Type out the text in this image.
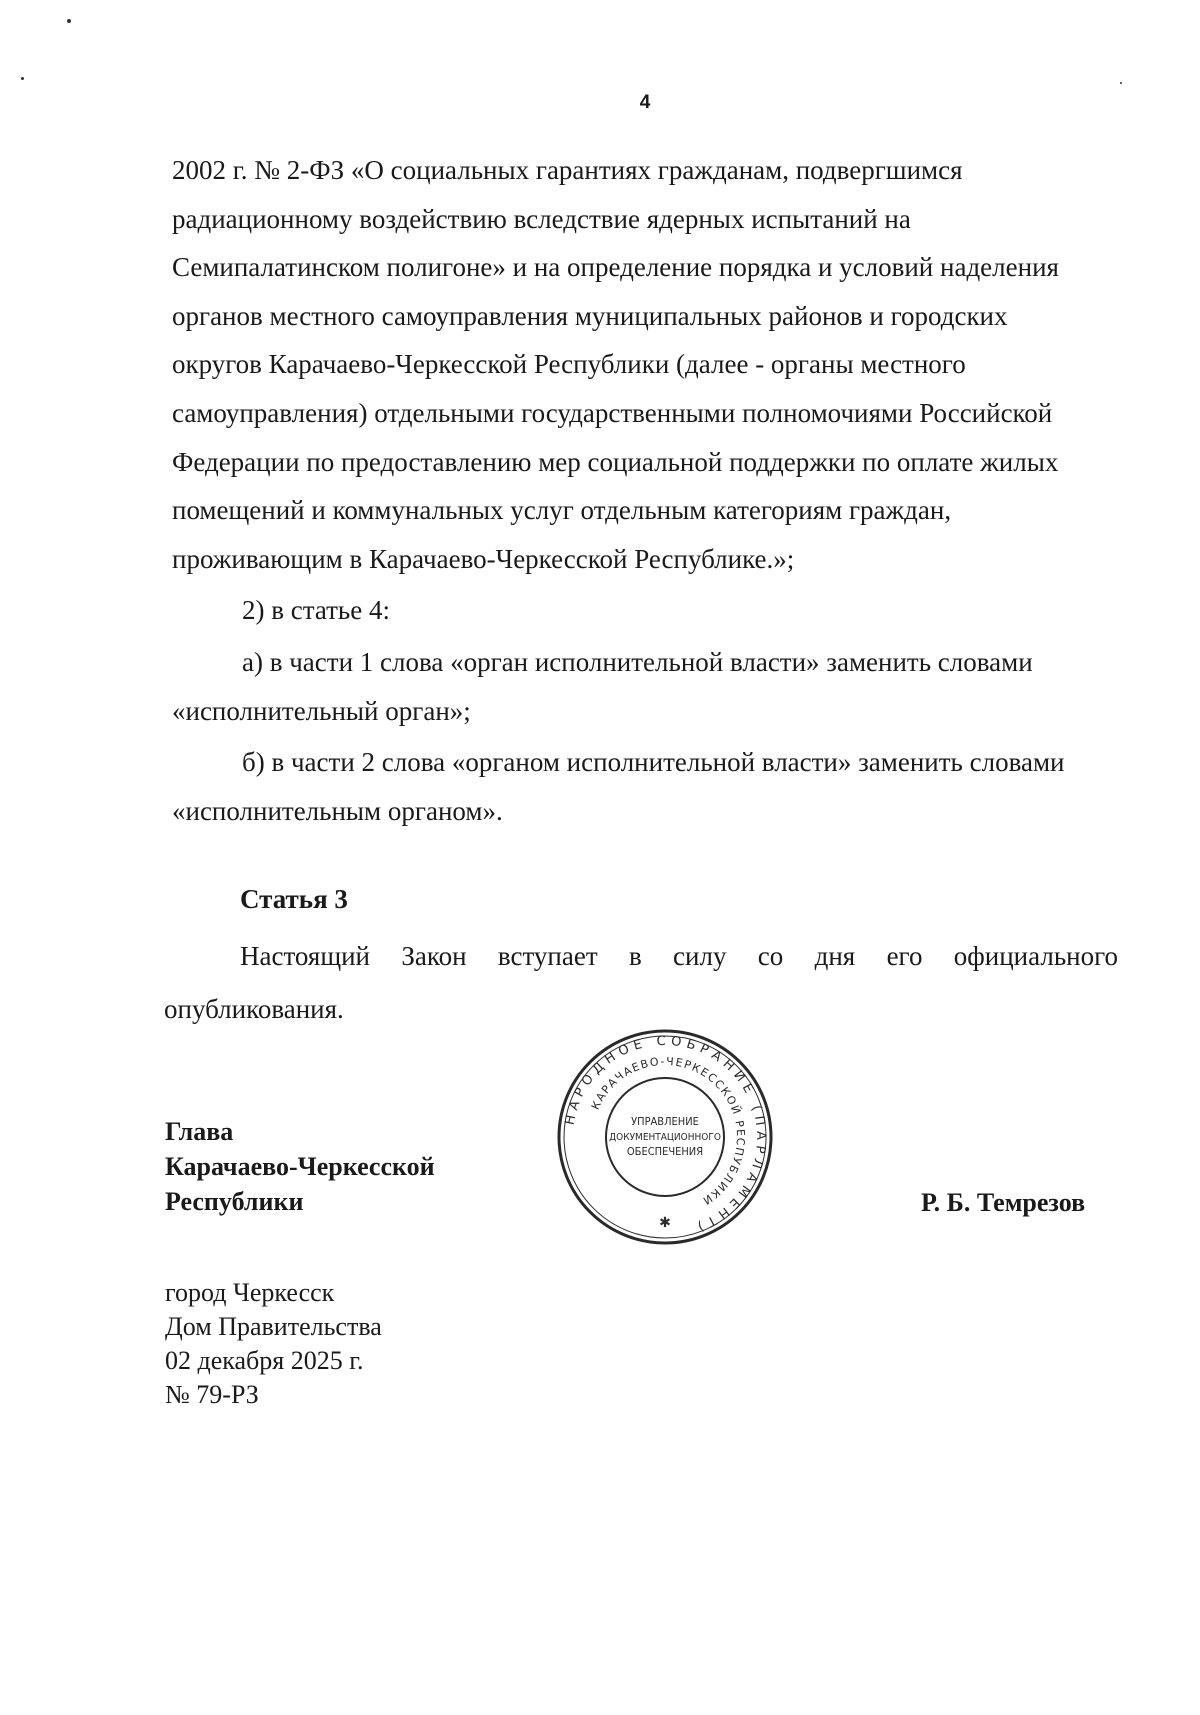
4

2002 г. № 2-ФЗ «О социальных гарантиях гражданам, подвергшимся

радиационному воздействию вследствие ядерных испытаний на

Семипалатинском полигоне» и на определение порядка и условий наделения

органов местного самоуправления муниципальных районов и городских

округов Карачаево-Черкесской Республики (далее - органы местного

самоуправления) отдельными государственными полномочиями Российской

Федерации по предоставлению мер социальной поддержки по оплате жилых

помещений и коммунальных услуг отдельным категориям граждан,

проживающим в Карачаево-Черкесской Республике.»;

2) в статье 4:

а) в части 1 слова «орган исполнительной власти» заменить словами

«исполнительный орган»;

б) в части 2 слова «органом исполнительной власти» заменить словами

«исполнительным органом».

Статья 3
Настоящий Закон вступает в силу со дня его официального
опубликования.
Глава
Карачаево-Черкесской
Республики
НАРОДНОЕ СОБРАНИЕ (ПАРЛАМЕНТ)
КАРАЧАЕВО-ЧЕРКЕССКОЙ РЕСПУБЛИКИ
УПРАВЛЕНИЕ
ДОКУМЕНТАЦИОННОГО
ОБЕСПЕЧЕНИЯ
✱
Р. Б. Темрезов
город Черкесск
Дом Правительства
02 декабря 2025 г.
№ 79-РЗ
